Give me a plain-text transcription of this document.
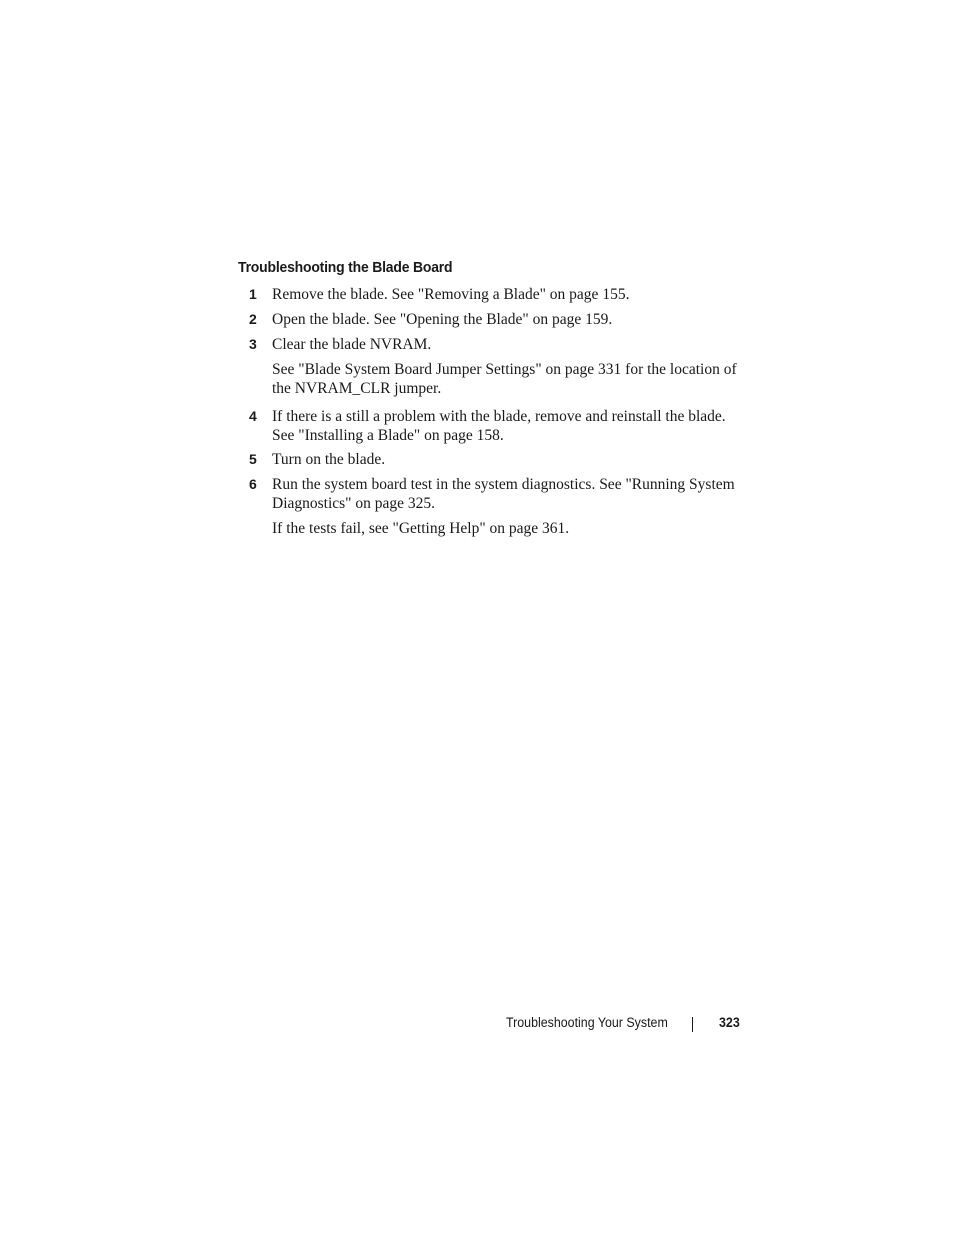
Troubleshooting the Blade Board
1 Remove the blade. See "Removing a Blade" on page 155.
2 Open the blade. See "Opening the Blade" on page 159.
3 Clear the blade NVRAM.
See "Blade System Board Jumper Settings" on page 331 for the location of the NVRAM_CLR jumper.
4 If there is a still a problem with the blade, remove and reinstall the blade. See "Installing a Blade" on page 158.
5 Turn on the blade.
6 Run the system board test in the system diagnostics. See "Running System Diagnostics" on page 325.
If the tests fail, see "Getting Help" on page 361.
Troubleshooting Your System	323
